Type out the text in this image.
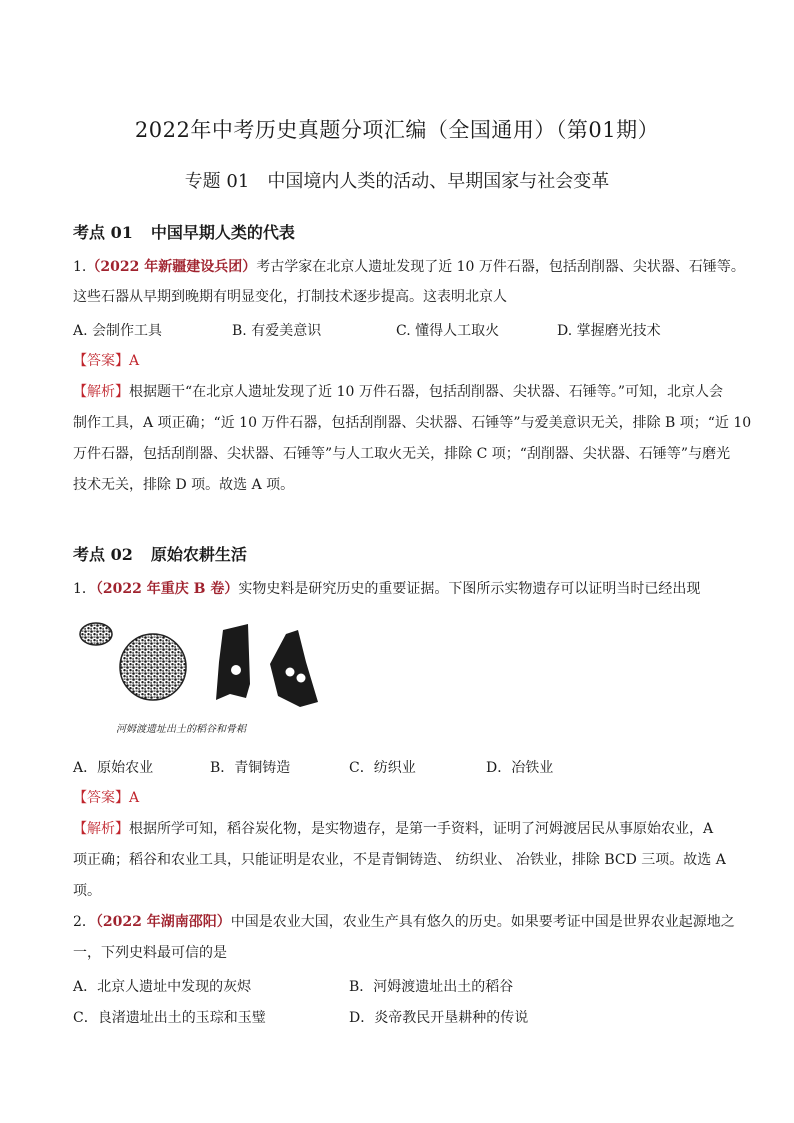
2022年中考历史真题分项汇编（全国通用）（第01期）
专题 01　中国境内人类的活动、早期国家与社会变革
考点 01 中国早期人类的代表
1.（2022 年新疆建设兵团）考古学家在北京人遗址发现了近 10 万件石器，包括刮削器、尖状器、石锤等。
这些石器从早期到晚期有明显变化，打制技术逐步提高。这表明北京人
A. 会制作工具	B. 有爱美意识	C. 懂得人工取火	D. 掌握磨光技术
【答案】A
【解析】根据题干“在北京人遗址发现了近 10 万件石器，包括刮削器、尖状器、石锤等。”可知，北京人会
制作工具，A 项正确；“近 10 万件石器，包括刮削器、尖状器、石锤等”与爱美意识无关，排除 B 项；“近 10
万件石器，包括刮削器、尖状器、石锤等”与人工取火无关，排除 C 项；“刮削器、尖状器、石锤等”与磨光
技术无关，排除 D 项。故选 A 项。
考点 02 原始农耕生活
1．（2022 年重庆 B 卷）实物史料是研究历史的重要证据。下图所示实物遗存可以证明当时已经出现
河姆渡遗址出土的稻谷和骨耜
A．原始农业	B．青铜铸造	C．纺织业	D．冶铁业
【答案】A
【解析】根据所学可知，稻谷炭化物，是实物遗存，是第一手资料，证明了河姆渡居民从事原始农业，A
项正确；稻谷和农业工具，只能证明是农业，不是青铜铸造、 纺织业、 冶铁业，排除 BCD 三项。故选 A
项。
2．（2022 年湖南邵阳）中国是农业大国，农业生产具有悠久的历史。如果要考证中国是世界农业起源地之
一，下列史料最可信的是
A．北京人遗址中发现的灰烬	B．河姆渡遗址出土的稻谷
C．良渚遗址出土的玉琮和玉璧	D．炎帝教民开垦耕种的传说
